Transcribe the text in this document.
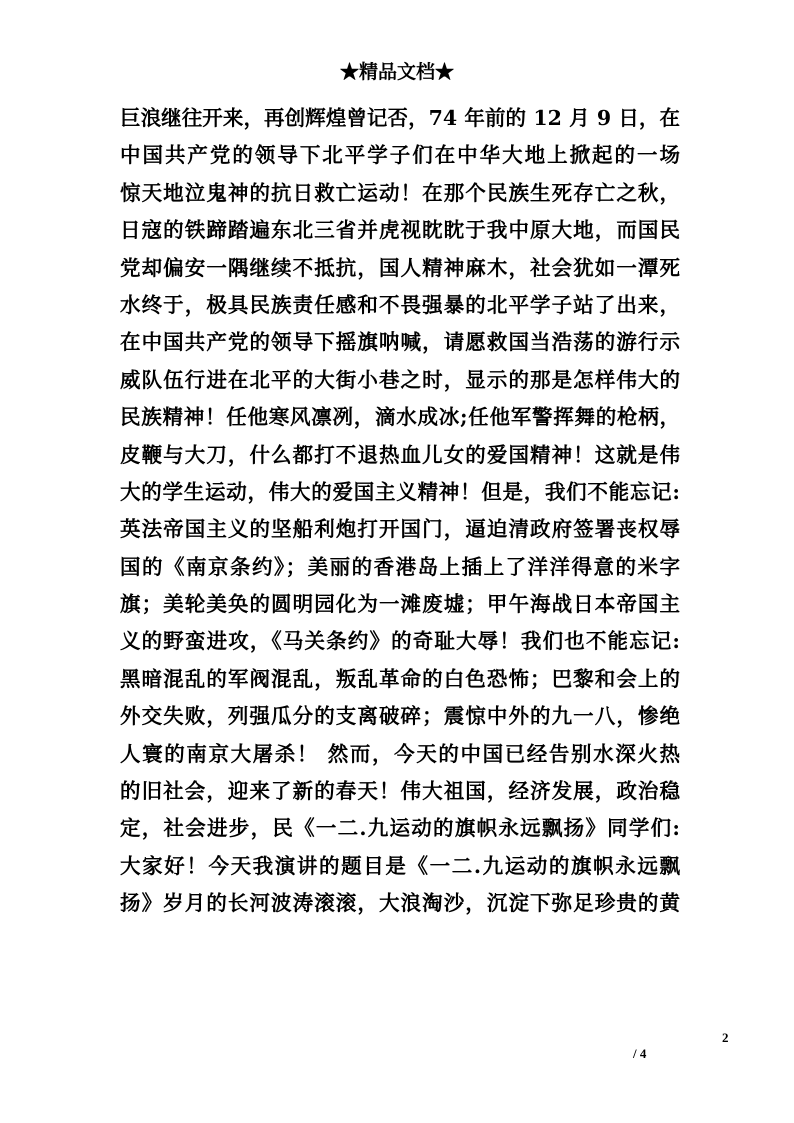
★精品文档★
巨浪继往开来，再创辉煌曾记否，74 年前的 12 月 9 日，在
中国共产党的领导下北平学子们在中华大地上掀起的一场
惊天地泣鬼神的抗日救亡运动！在那个民族生死存亡之秋，
日寇的铁蹄踏遍东北三省并虎视眈眈于我中原大地，而国民
党却偏安一隅继续不抵抗，国人精神麻木，社会犹如一潭死
水终于，极具民族责任感和不畏强暴的北平学子站了出来，
在中国共产党的领导下摇旗呐喊，请愿救国当浩荡的游行示
威队伍行进在北平的大街小巷之时，显示的那是怎样伟大的
民族精神！任他寒风凛冽，滴水成冰;任他军警挥舞的枪柄，
皮鞭与大刀，什么都打不退热血儿女的爱国精神！这就是伟
大的学生运动，伟大的爱国主义精神！但是，我们不能忘记:
英法帝国主义的坚船利炮打开国门，逼迫清政府签署丧权辱
国的《南京条约》；美丽的香港岛上插上了洋洋得意的米字
旗；美轮美奂的圆明园化为一滩废墟；甲午海战日本帝国主
义的野蛮进攻，《马关条约》的奇耻大辱！我们也不能忘记:
黑暗混乱的军阀混乱，叛乱革命的白色恐怖；巴黎和会上的
外交失败，列强瓜分的支离破碎；震惊中外的九一八，惨绝
人寰的南京大屠杀！ 然而，今天的中国已经告别水深火热
的旧社会，迎来了新的春天！伟大祖国，经济发展，政治稳
定，社会进步，民《一二.九运动的旗帜永远飘扬》同学们:
大家好！今天我演讲的题目是《一二.九运动的旗帜永远飘
扬》岁月的长河波涛滚滚，大浪淘沙，沉淀下弥足珍贵的黄
2
/ 4
